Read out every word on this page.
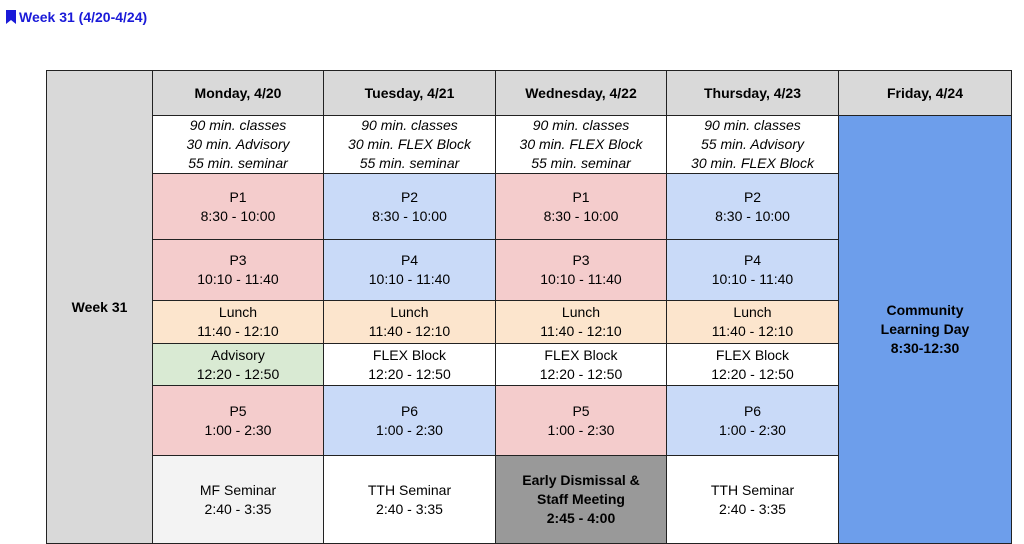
Week 31 (4/20-4/24)
Week 31	Monday, 4/20	Tuesday, 4/21	Wednesday, 4/22	Thursday, 4/23	Friday, 4/24

	90 min. classes
30 min. Advisory
55 min. seminar	90 min. classes
30 min. FLEX Block
55 min. seminar	90 min. classes
30 min. FLEX Block
55 min. seminar	90 min. classes
55 min. Advisory
30 min. FLEX Block	Community
Learning Day
8:30-12:30

	P1
8:30 - 10:00	P2
8:30 - 10:00	P1
8:30 - 10:00	P2
8:30 - 10:00	

	P3
10:10 - 11:40	P4
10:10 - 11:40	P3
10:10 - 11:40	P4
10:10 - 11:40	

	Lunch
11:40 - 12:10	Lunch
11:40 - 12:10	Lunch
11:40 - 12:10	Lunch
11:40 - 12:10	

	Advisory
12:20 - 12:50	FLEX Block
12:20 - 12:50	FLEX Block
12:20 - 12:50	FLEX Block
12:20 - 12:50	

	P5
1:00 - 2:30	P6
1:00 - 2:30	P5
1:00 - 2:30	P6
1:00 - 2:30	

	MF Seminar
2:40 - 3:35	TTH Seminar
2:40 - 3:35	Early Dismissal &
Staff Meeting
2:45 - 4:00	TTH Seminar
2:40 - 3:35	
